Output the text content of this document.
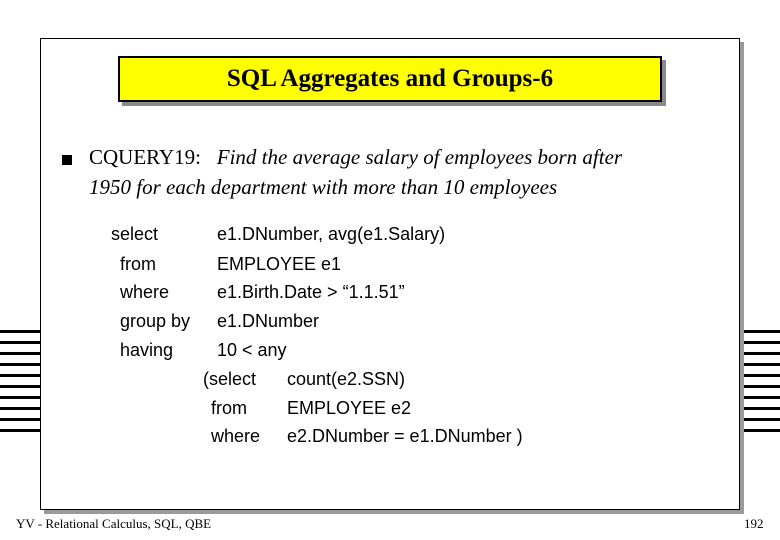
SQL Aggregates and Groups-6
CQUERY19: Find the average salary of employees born after
1950 for each department with more than 10 employees
select	e1.DNumber, avg(e1.Salary)
from	EMPLOYEE e1
where	e1.Birth.Date > “1.1.51”
group by e1.DNumber
having 10 < any
(select count(e2.SSN)
from EMPLOYEE e2
where e2.DNumber = e1.DNumber )
YV - Relational Calculus, SQL, QBE	192
